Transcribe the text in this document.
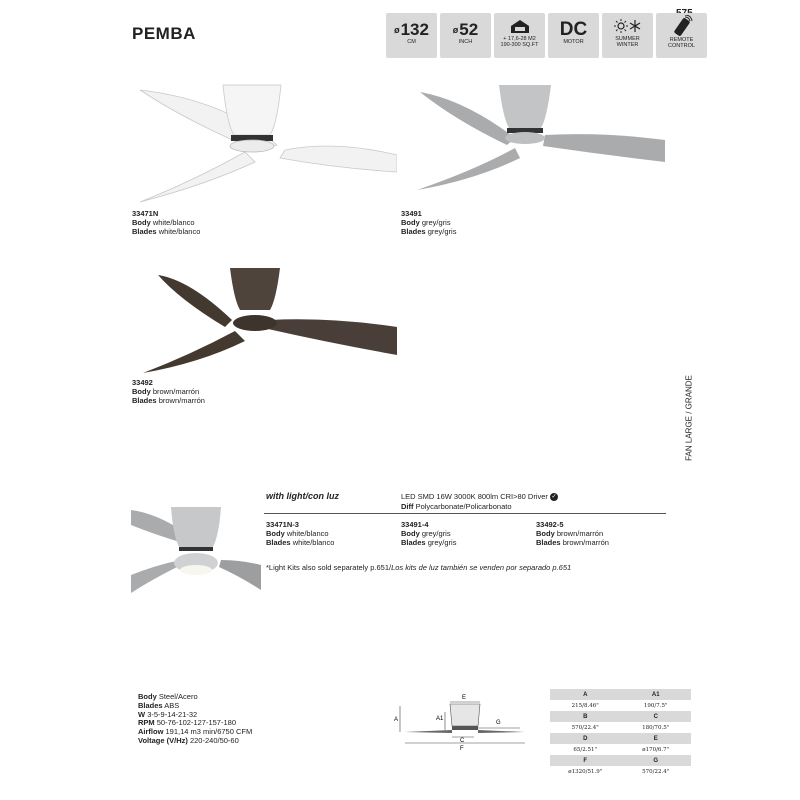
PEMBA	ø132
CM
ø52
INCH	+ 17,6-28 M2
190-300 SQ.FT
DC
MOTOR	SUMMER
WINTER
REMOTE
CONTROL
33471N
Body white/blanco
Blades white/blanco
33491
Body grey/gris
Blades grey/gris
33492
Body brown/marrón
Blades brown/marrón	FAN LARGE / GRANDE
with light/con luz	LED SMD 16W 3000K 800lm CRI>80 Driver ✓
Diff Polycarbonate/Policarbonato
33471N-3
Body white/blanco
Blades white/blanco
33491-4
Body grey/gris
Blades grey/gris
33492-5
Body brown/marrón
Blades brown/marrón
*Light Kits also sold separately p.651/Los kits de luz también se venden por separado p.651
Body Steel/Acero
Blades ABS
W 3-5-9-14-21-32
RPM 50-76-102-127-157-180
Airflow 191,14 m3 min/6750 CFM
Voltage (V/Hz) 220-240/50-60
A	A1
E
G
C
F
A	A1
215/8.46"	190/7.5"
B	C
570/22.4"	180/70.5"
D	E
65/2.51"	ø170/6.7"
F	G
ø1320/51.9"	570/22.4"
